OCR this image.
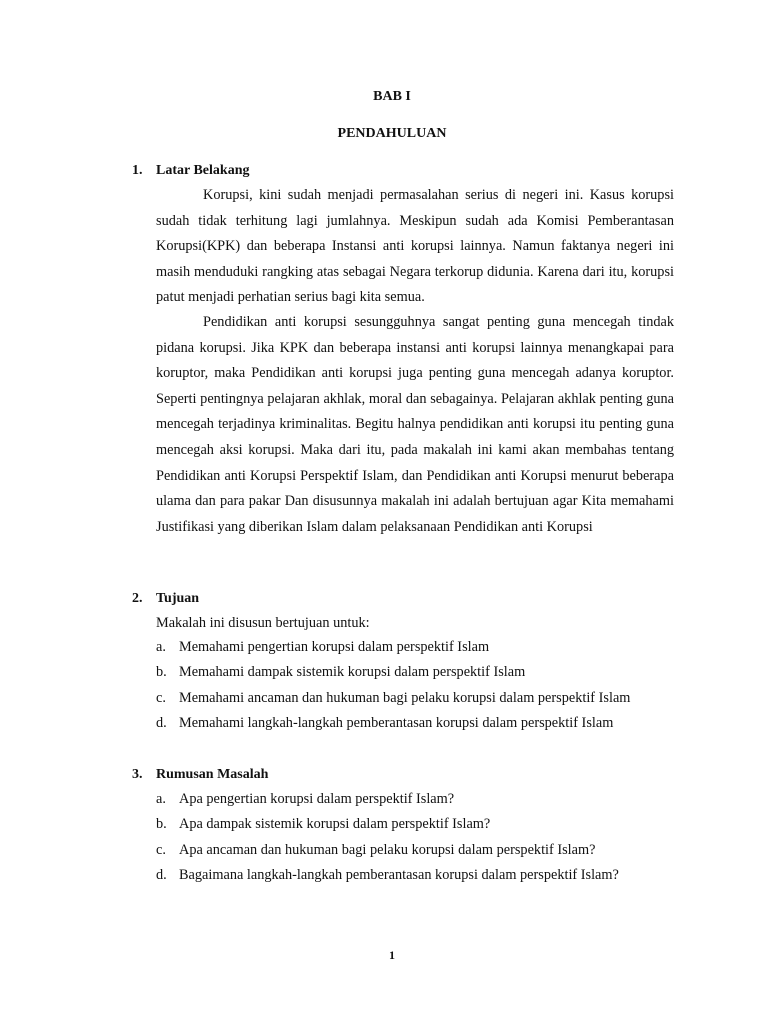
BAB I
PENDAHULUAN
1. Latar Belakang

Korupsi, kini sudah menjadi permasalahan serius di negeri ini. Kasus korupsi sudah tidak terhitung lagi jumlahnya. Meskipun sudah ada Komisi Pemberantasan Korupsi(KPK) dan beberapa Instansi anti korupsi lainnya. Namun faktanya negeri ini masih menduduki rangking atas sebagai Negara terkorup didunia. Karena dari itu, korupsi patut menjadi perhatian serius bagi kita semua.

Pendidikan anti korupsi sesungguhnya sangat penting guna mencegah tindak pidana korupsi. Jika KPK dan beberapa instansi anti korupsi lainnya menangkapai para koruptor, maka Pendidikan anti korupsi juga penting guna mencegah adanya koruptor. Seperti pentingnya pelajaran akhlak, moral dan sebagainya. Pelajaran akhlak penting guna mencegah terjadinya kriminalitas. Begitu halnya pendidikan anti korupsi itu penting guna mencegah aksi korupsi. Maka dari itu, pada makalah ini kami akan membahas tentang Pendidikan anti Korupsi Perspektif Islam, dan Pendidikan anti Korupsi menurut beberapa ulama dan para pakar Dan disusunnya makalah ini adalah bertujuan agar Kita memahami Justifikasi yang diberikan Islam dalam pelaksanaan Pendidikan anti Korupsi

2. Tujuan
Makalah ini disusun bertujuan untuk:
a. Memahami pengertian korupsi dalam perspektif Islam
b. Memahami dampak sistemik korupsi dalam perspektif Islam
c. Memahami ancaman dan hukuman bagi pelaku korupsi dalam perspektif Islam
d. Memahami langkah-langkah pemberantasan korupsi dalam perspektif Islam
3. Rumusan Masalah
a. Apa pengertian korupsi dalam perspektif Islam?
b. Apa dampak sistemik korupsi dalam perspektif Islam?
c. Apa ancaman dan hukuman bagi pelaku korupsi dalam perspektif Islam?
d. Bagaimana langkah-langkah pemberantasan korupsi dalam perspektif Islam?
1
